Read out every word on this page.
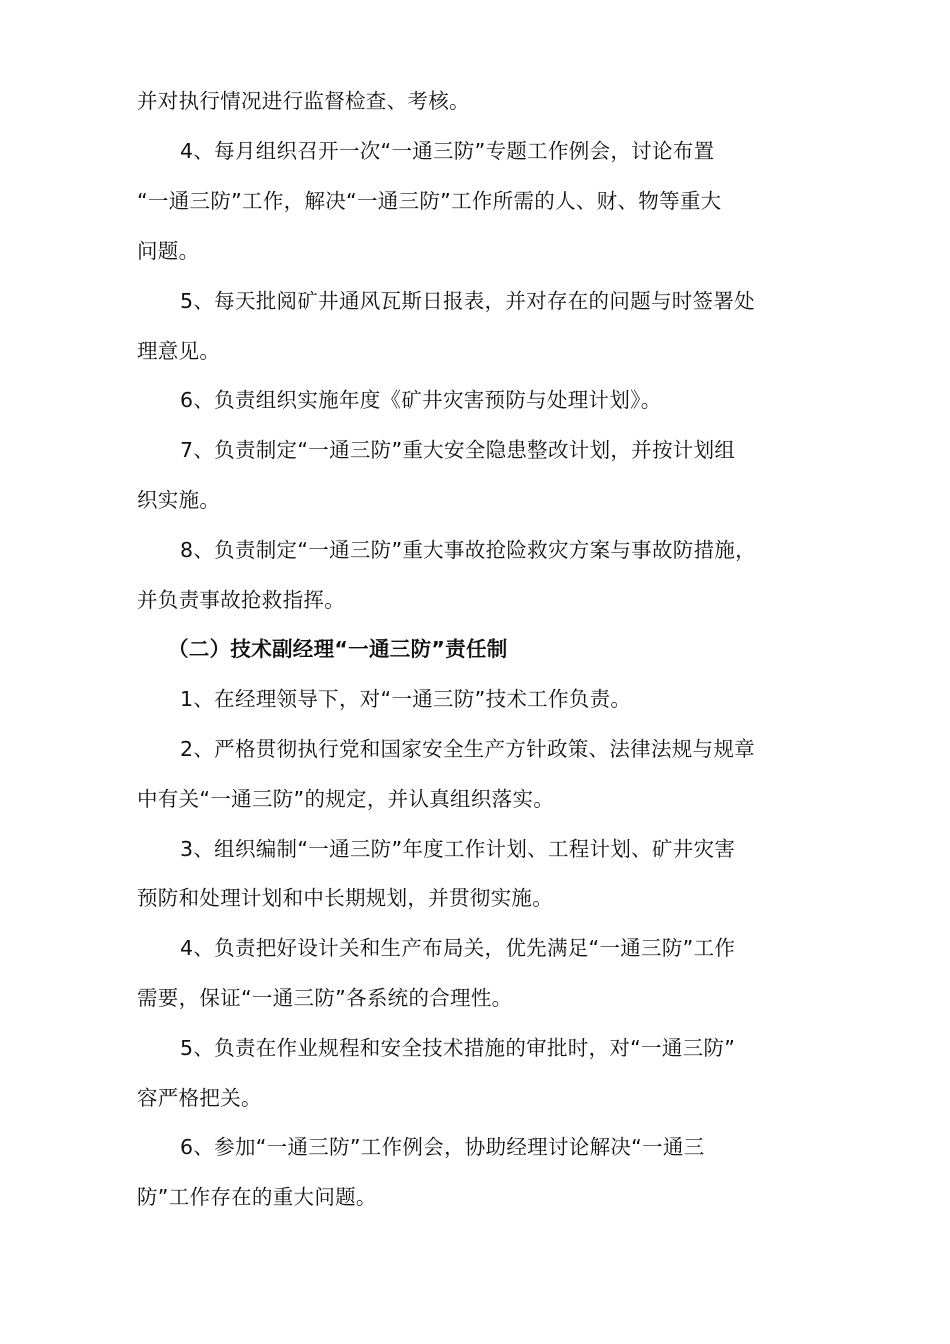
并对执行情况进行监督检查、考核。
4、每月组织召开一次“一通三防”专题工作例会，讨论布置
“一通三防”工作，解决“一通三防”工作所需的人、财、物等重大
问题。
5、每天批阅矿井通风瓦斯日报表，并对存在的问题与时签署处
理意见。
6、负责组织实施年度《矿井灾害预防与处理计划》。
7、负责制定“一通三防”重大安全隐患整改计划，并按计划组
织实施。
8、负责制定“一通三防”重大事故抢险救灾方案与事故防措施，
并负责事故抢救指挥。
（二）技术副经理“一通三防”责任制
1、在经理领导下，对“一通三防”技术工作负责。
2、严格贯彻执行党和国家安全生产方针政策、法律法规与规章
中有关“一通三防”的规定，并认真组织落实。
3、组织编制“一通三防”年度工作计划、工程计划、矿井灾害
预防和处理计划和中长期规划，并贯彻实施。
4、负责把好设计关和生产布局关，优先满足“一通三防”工作
需要，保证“一通三防”各系统的合理性。
5、负责在作业规程和安全技术措施的审批时，对“一通三防”
容严格把关。
6、参加“一通三防”工作例会，协助经理讨论解决“一通三
防”工作存在的重大问题。
